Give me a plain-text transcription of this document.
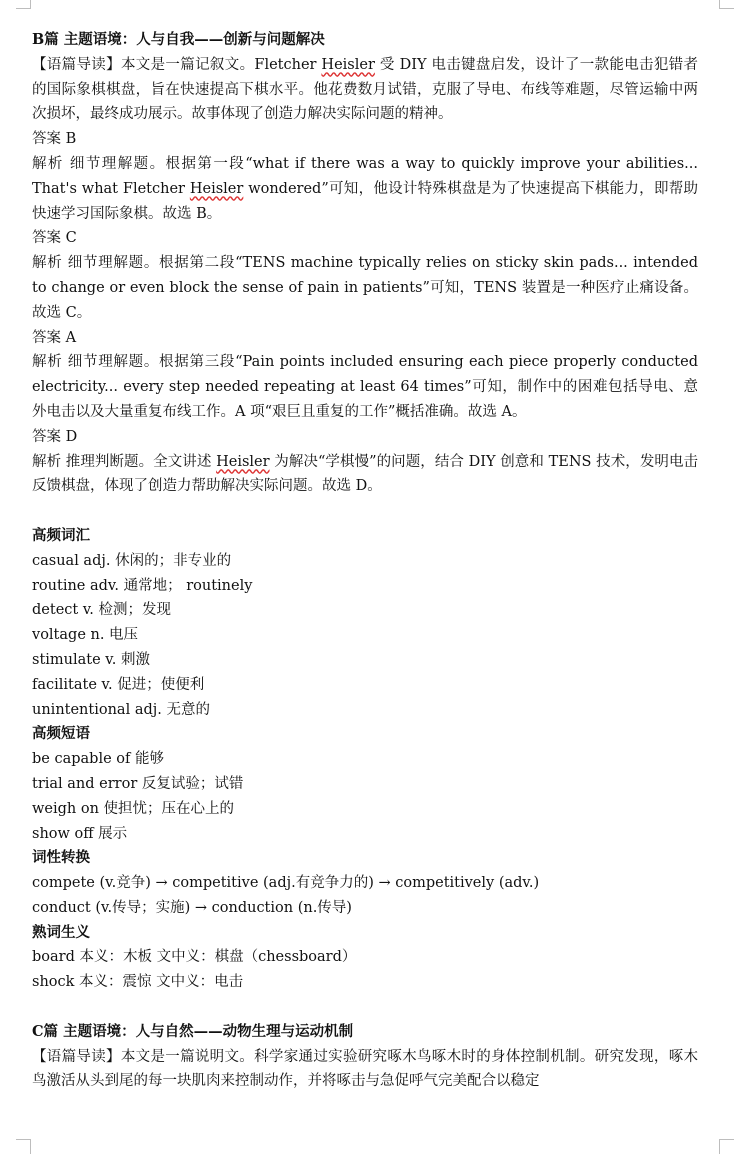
B篇 主题语境：人与自我——创新与问题解决
【语篇导读】本文是一篇记叙文。Fletcher Heisler 受 DIY 电击键盘启发，设计了一款能电击犯错者的国际象棋棋盘，旨在快速提高下棋水平。他花费数月试错，克服了导电、布线等难题，尽管运输中两次损坏，最终成功展示。故事体现了创造力解决实际问题的精神。
答案 B
解析 细节理解题。根据第一段“what if there was a way to quickly improve your abilities... That's what Fletcher Heisler wondered”可知，他设计特殊棋盘是为了快速提高下棋能力，即帮助快速学习国际象棋。故选 B。
答案 C
解析 细节理解题。根据第二段“TENS machine typically relies on sticky skin pads... intended to change or even block the sense of pain in patients”可知，TENS 装置是一种医疗止痛设备。故选 C。
答案 A
解析 细节理解题。根据第三段“Pain points included ensuring each piece properly conducted electricity... every step needed repeating at least 64 times”可知，制作中的困难包括导电、意外电击以及大量重复布线工作。A 项“艰巨且重复的工作”概括准确。故选 A。
答案 D
解析 推理判断题。全文讲述 Heisler 为解决“学棋慢”的问题，结合 DIY 创意和 TENS 技术，发明电击反馈棋盘，体现了创造力帮助解决实际问题。故选 D。
高频词汇
casual adj. 休闲的；非专业的
routine adv. 通常地； routinely
detect v. 检测；发现
voltage n. 电压
stimulate v. 刺激
facilitate v. 促进；使便利
unintentional adj. 无意的
高频短语
be capable of 能够
trial and error 反复试验；试错
weigh on 使担忧；压在心上的
show off 展示
词性转换
compete (v.竞争) → competitive (adj.有竞争力的) → competitively (adv.)
conduct (v.传导；实施) → conduction (n.传导)
熟词生义
board 本义：木板 文中义：棋盘（chessboard）
shock 本义：震惊 文中义：电击
C篇 主题语境：人与自然——动物生理与运动机制
【语篇导读】本文是一篇说明文。科学家通过实验研究啄木鸟啄木时的身体控制机制。研究发现，啄木鸟激活从头到尾的每一块肌肉来控制动作，并将啄击与急促呼气完美配合以稳定
